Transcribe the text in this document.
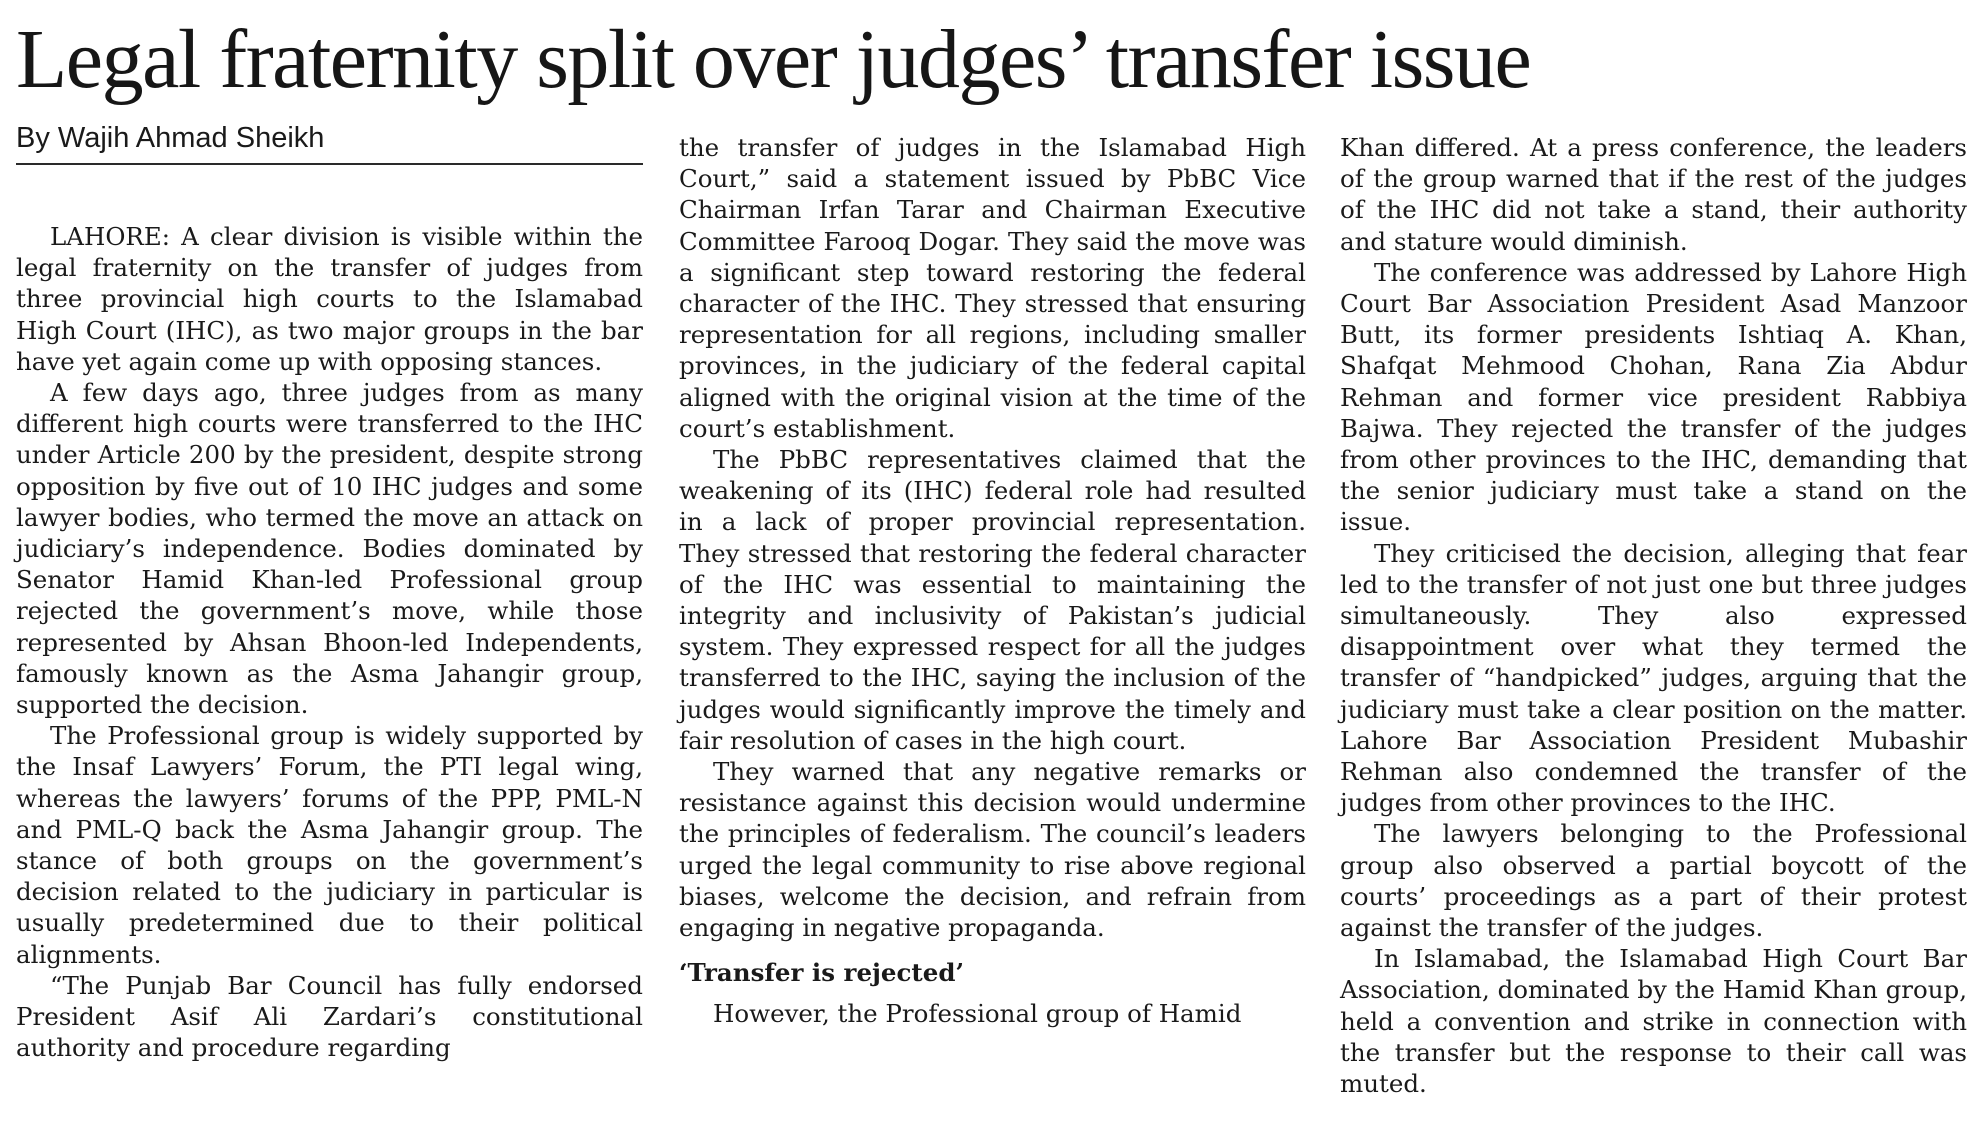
Legal fraternity split over judges’ transfer issue
By Wajih Ahmad Sheikh

LAHORE: A clear division is visible within the legal fraternity on the transfer of judges from three provincial high courts to the Islamabad High Court (IHC), as two major groups in the bar have yet again come up with opposing stances.

A few days ago, three judges from as many different high courts were transferred to the IHC under Article 200 by the president, despite strong opposition by five out of 10 IHC judges and some lawyer bodies, who termed the move an attack on judiciary’s independence. Bodies dominated by Senator Hamid Khan-led Professional group rejected the government’s move, while those represented by Ahsan Bhoon-led Independents, famously known as the Asma Jahangir group, supported the decision.

The Professional group is widely supported by the Insaf Lawyers’ Forum, the PTI legal wing, whereas the lawyers’ forums of the PPP, PML-N and PML-Q back the Asma Jahangir group. The stance of both groups on the government’s decision related to the judiciary in particular is usually predetermined due to their political alignments.

“The Punjab Bar Council has fully endorsed President Asif Ali Zardari’s constitutional authority and procedure regarding

the transfer of judges in the Islamabad High Court,” said a statement issued by PbBC Vice Chairman Irfan Tarar and Chairman Executive Committee Farooq Dogar. They said the move was a significant step toward restoring the federal character of the IHC. They stressed that ensuring representation for all regions, including smaller provinces, in the judiciary of the federal capital aligned with the original vision at the time of the court’s establishment.

The PbBC representatives claimed that the weakening of its (IHC) federal role had resulted in a lack of proper provincial representation. They stressed that restoring the federal character of the IHC was essential to maintaining the integrity and inclusivity of Pakistan’s judicial system. They expressed respect for all the judges transferred to the IHC, saying the inclusion of the judges would significantly improve the timely and fair resolution of cases in the high court.

They warned that any negative remarks or resistance against this decision would undermine the principles of federalism. The council’s leaders urged the legal community to rise above regional biases, welcome the decision, and refrain from engaging in negative propaganda.

‘Transfer is rejected’

However, the Professional group of Hamid

Khan differed. At a press conference, the leaders of the group warned that if the rest of the judges of the IHC did not take a stand, their authority and stature would diminish.

The conference was addressed by Lahore High Court Bar Association President Asad Manzoor Butt, its former presidents Ishtiaq A. Khan, Shafqat Mehmood Chohan, Rana Zia Abdur Rehman and former vice president Rabbiya Bajwa. They rejected the transfer of the judges from other provinces to the IHC, demanding that the senior judiciary must take a stand on the issue.

They criticised the decision, alleging that fear led to the transfer of not just one but three judges simultaneously. They also expressed disappointment over what they termed the transfer of “handpicked” judges, arguing that the judiciary must take a clear position on the matter. Lahore Bar Association President Mubashir Rehman also condemned the transfer of the judges from other provinces to the IHC.

The lawyers belonging to the Professional group also observed a partial boycott of the courts’ proceedings as a part of their protest against the transfer of the judges.

In Islamabad, the Islamabad High Court Bar Association, dominated by the Hamid Khan group, held a convention and strike in connection with the transfer but the response to their call was muted.
